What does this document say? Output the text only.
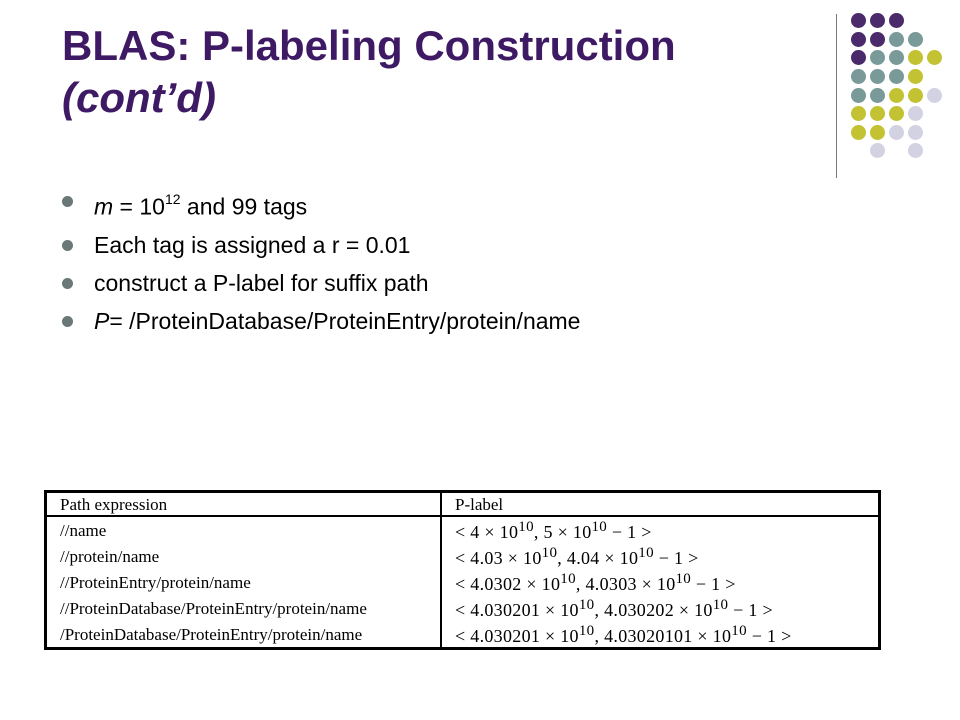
BLAS: P-labeling Construction
(cont’d)
$m = 10^{12}$ and 99 tags
Each tag is assigned a r = 0.01
construct a P-label for suffix path
P= /ProteinDatabase/ProteinEntry/protein/name
Path expression	P-label
//name	< $4 \times 10^{10}$, $5 \times 10^{10} - 1$ >
//protein/name	< $4.03 \times 10^{10}$, $4.04 \times 10^{10} - 1$ >
//ProteinEntry/protein/name	< $4.0302 \times 10^{10}$, $4.0303 \times 10^{10} - 1$ >
//ProteinDatabase/ProteinEntry/protein/name	< $4.030201 \times 10^{10}$, $4.030202 \times 10^{10} - 1$ >
/ProteinDatabase/ProteinEntry/protein/name	< $4.030201 \times 10^{10}$, $4.03020101 \times 10^{10} - 1$ >
